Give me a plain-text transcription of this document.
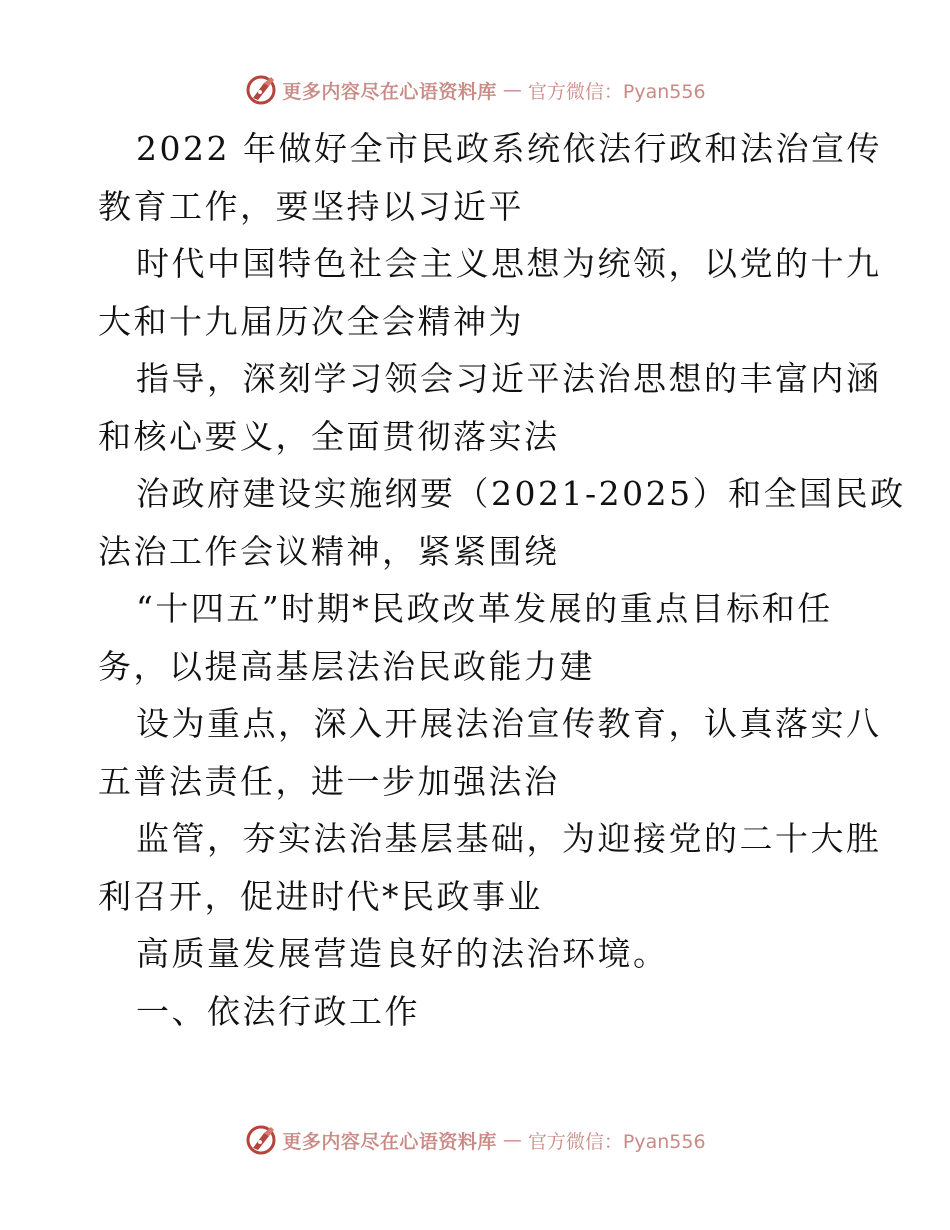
更多内容尽在心语资料库 — 官方微信：Pyan556
2022 年做好全市民政系统依法行政和法治宣传
教育工作，要坚持以习近平
时代中国特色社会主义思想为统领，以党的十九
大和十九届历次全会精神为
指导，深刻学习领会习近平法治思想的丰富内涵
和核心要义，全面贯彻落实法
治政府建设实施纲要（2021-2025）和全国民政
法治工作会议精神，紧紧围绕
“十四五”时期*民政改革发展的重点目标和任
务，以提高基层法治民政能力建
设为重点，深入开展法治宣传教育，认真落实八
五普法责任，进一步加强法治
监管，夯实法治基层基础，为迎接党的二十大胜
利召开，促进时代*民政事业
高质量发展营造良好的法治环境。
一、依法行政工作
更多内容尽在心语资料库 — 官方微信：Pyan556
